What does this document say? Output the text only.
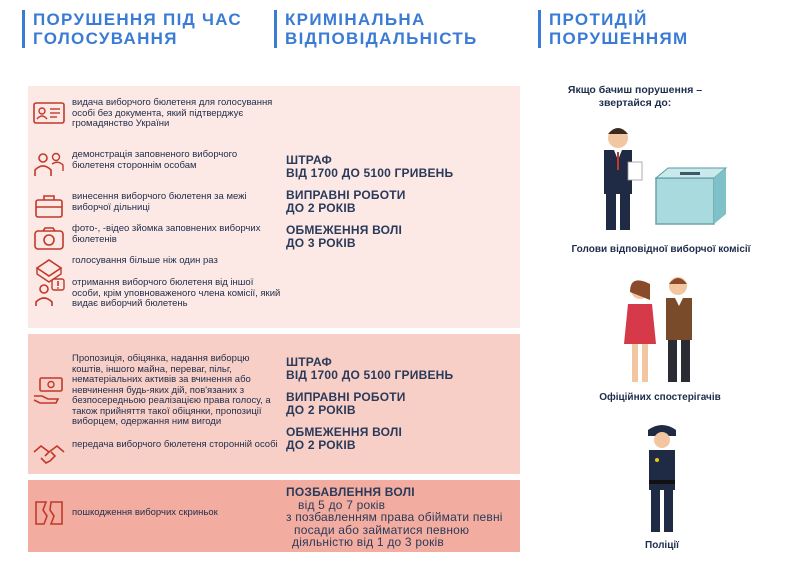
ПОРУШЕННЯ ПІД ЧАС
ГОЛОСУВАННЯ
КРИМІНАЛЬНА
ВІДПОВІДАЛЬНІСТЬ
ПРОТИДІЙ
ПОРУШЕННЯМ
видача виборчого бюлетеня для голосування особі без документа, який підтверджує громадянство України
демонстрація заповненого виборчого бюлетеня стороннім особам
винесення виборчого бюлетеня за межі виборчої дільниці
фото-, -відео зйомка заповнених виборчих бюлетенів
голосування більше ніж один раз
отримання виборчого бюлетеня від іншої особи, крім уповноваженого члена комісії, який видає виборчий бюлетень
ШТРАФ
ВІД 1700 ДО 5100 ГРИВЕНЬ
ВИПРАВНІ РОБОТИ
ДО 2 РОКІВ
ОБМЕЖЕННЯ ВОЛІ
ДО 3 РОКІВ
Пропозиція, обіцянка, надання виборцю коштів, іншого майна, переваг, пільг, нематеріальних активів за вчинення або невчинення будь-яких дій, пов'язаних з безпосередньою реалізацією права голосу, а також прийняття такої обіцянки, пропозиції виборцем, одержання ним вигоди
передача виборчого бюлетеня сторонній особі
ШТРАФ
ВІД 1700 ДО 5100 ГРИВЕНЬ
ВИПРАВНІ РОБОТИ
ДО 2 РОКІВ
ОБМЕЖЕННЯ ВОЛІ
ДО 2 РОКІВ
пошкодження виборчих скриньок
ПОЗБАВЛЕННЯ ВОЛІ
від 5 до 7 років
з позбавленням права обіймати певні
посади або займатися певною
діяльністю від 1 до 3 років
Якщо бачиш порушення – звертайся до:
Голови відповідної виборчої комісії
Офіційних спостерігачів
Поліції
